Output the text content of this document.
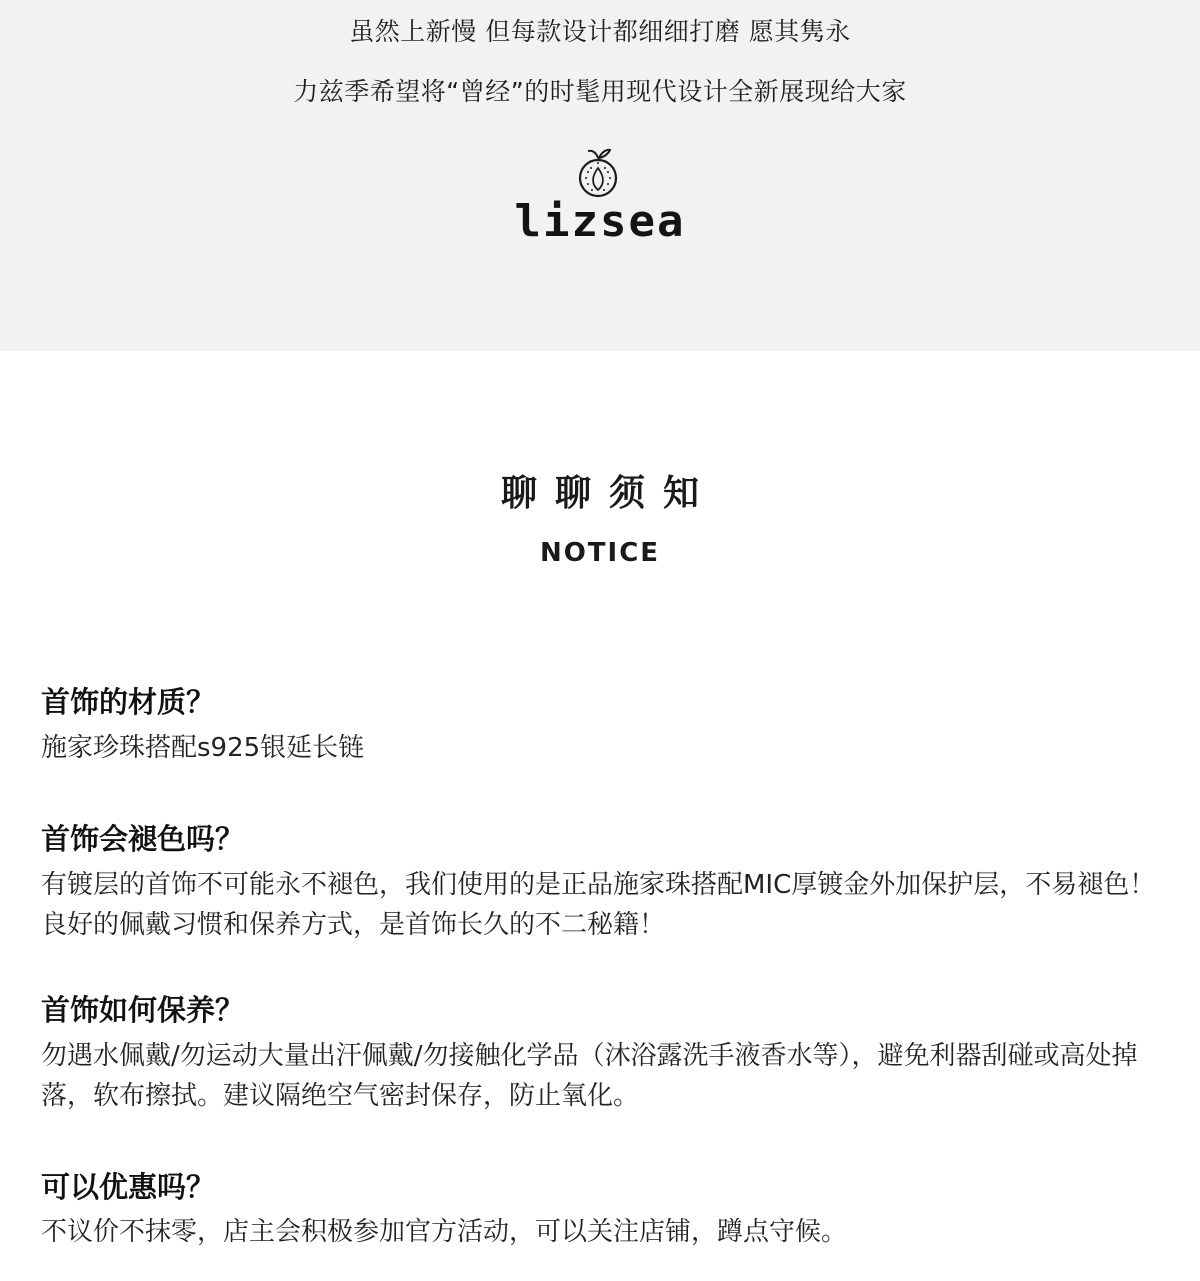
虽然上新慢 但每款设计都细细打磨 愿其隽永
力兹季希望将“曾经”的时髦用现代设计全新展现给大家
lizsea
聊聊须知
NOTICE
首饰的材质？
施家珍珠搭配s925银延长链
首饰会褪色吗？
有镀层的首饰不可能永不褪色，我们使用的是正品施家珠搭配MIC厚镀金外加保护层，不易褪色！良好的佩戴习惯和保养方式，是首饰长久的不二秘籍！
首饰如何保养？
勿遇水佩戴/勿运动大量出汗佩戴/勿接触化学品（沐浴露洗手液香水等），避免利器刮碰或高处掉落，软布擦拭。建议隔绝空气密封保存，防止氧化。
可以优惠吗？
不议价不抹零，店主会积极参加官方活动，可以关注店铺，蹲点守候。
